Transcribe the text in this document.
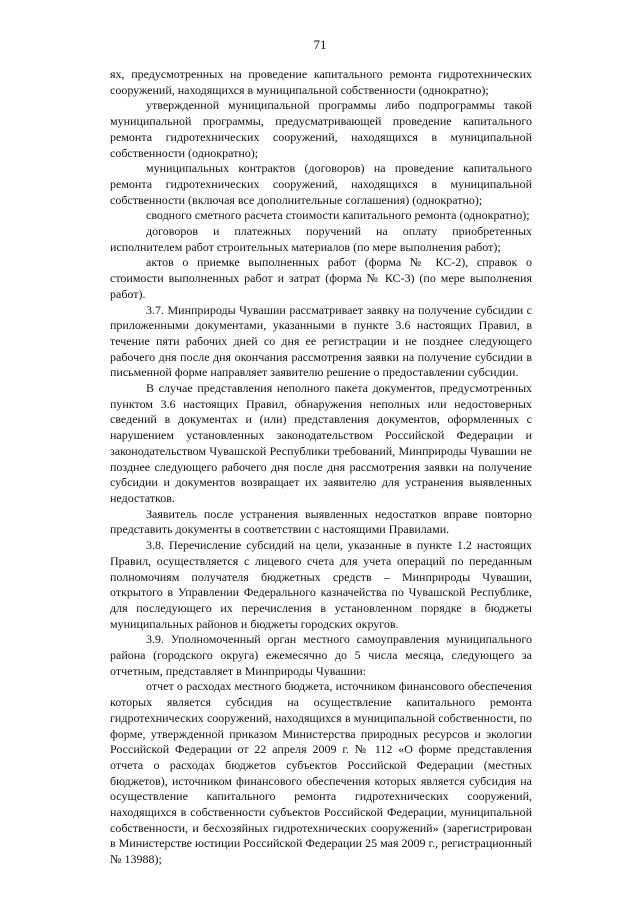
71

ях, предусмотренных на проведение капитального ремонта гидротехнических сооружений, находящихся в муниципальной собственности (однократно);

утвержденной муниципальной программы либо подпрограммы такой муниципальной программы, предусматривающей проведение капитального ремонта гидротехнических сооружений, находящихся в муниципальной собственности (однократно);

муниципальных контрактов (договоров) на проведение капитального ремонта гидротехнических сооружений, находящихся в муниципальной собственности (включая все дополнительные соглашения) (однократно);

сводного сметного расчета стоимости капитального ремонта (однократно);

договоров и платежных поручений на оплату приобретенных исполнителем работ строительных материалов (по мере выполнения работ);

актов о приемке выполненных работ (форма № КС-2), справок о стоимости выполненных работ и затрат (форма № КС-3) (по мере выполнения работ).

3.7. Минприроды Чувашии рассматривает заявку на получение субсидии с приложенными документами, указанными в пункте 3.6 настоящих Правил, в течение пяти рабочих дней со дня ее регистрации и не позднее следующего рабочего дня после дня окончания рассмотрения заявки на получение субсидии в письменной форме направляет заявителю решение о предоставлении субсидии.

В случае представления неполного пакета документов, предусмотренных пунктом 3.6 настоящих Правил, обнаружения неполных или недостоверных сведений в документах и (или) представления документов, оформленных с нарушением установленных законодательством Российской Федерации и законодательством Чувашской Республики требований, Минприроды Чувашии не позднее следующего рабочего дня после дня рассмотрения заявки на получение субсидии и документов возвращает их заявителю для устранения выявленных недостатков.

Заявитель после устранения выявленных недостатков вправе повторно представить документы в соответствии с настоящими Правилами.

3.8. Перечисление субсидий на цели, указанные в пункте 1.2 настоящих Правил, осуществляется с лицевого счета для учета операций по переданным полномочиям получателя бюджетных средств – Минприроды Чувашии, открытого в Управлении Федерального казначейства по Чувашской Республике, для последующего их перечисления в установленном порядке в бюджеты муниципальных районов и бюджеты городских округов.

3.9. Уполномоченный орган местного самоуправления муниципального района (городского округа) ежемесячно до 5 числа месяца, следующего за отчетным, представляет в Минприроды Чувашии:

отчет о расходах местного бюджета, источником финансового обеспечения которых является субсидия на осуществление капитального ремонта гидротехнических сооружений, находящихся в муниципальной собственности, по форме, утвержденной приказом Министерства природных ресурсов и экологии Российской Федерации от 22 апреля 2009 г. № 112 «О форме представления отчета о расходах бюджетов субъектов Российской Федерации (местных бюджетов), источником финансового обеспечения которых является субсидия на осуществление капитального ремонта гидротехнических сооружений, находящихся в собственности субъектов Российской Федерации, муниципальной собственности, и бесхозяйных гидротехнических сооружений» (зарегистрирован в Министерстве юстиции Российской Федерации 25 мая 2009 г., регистрационный № 13988);
